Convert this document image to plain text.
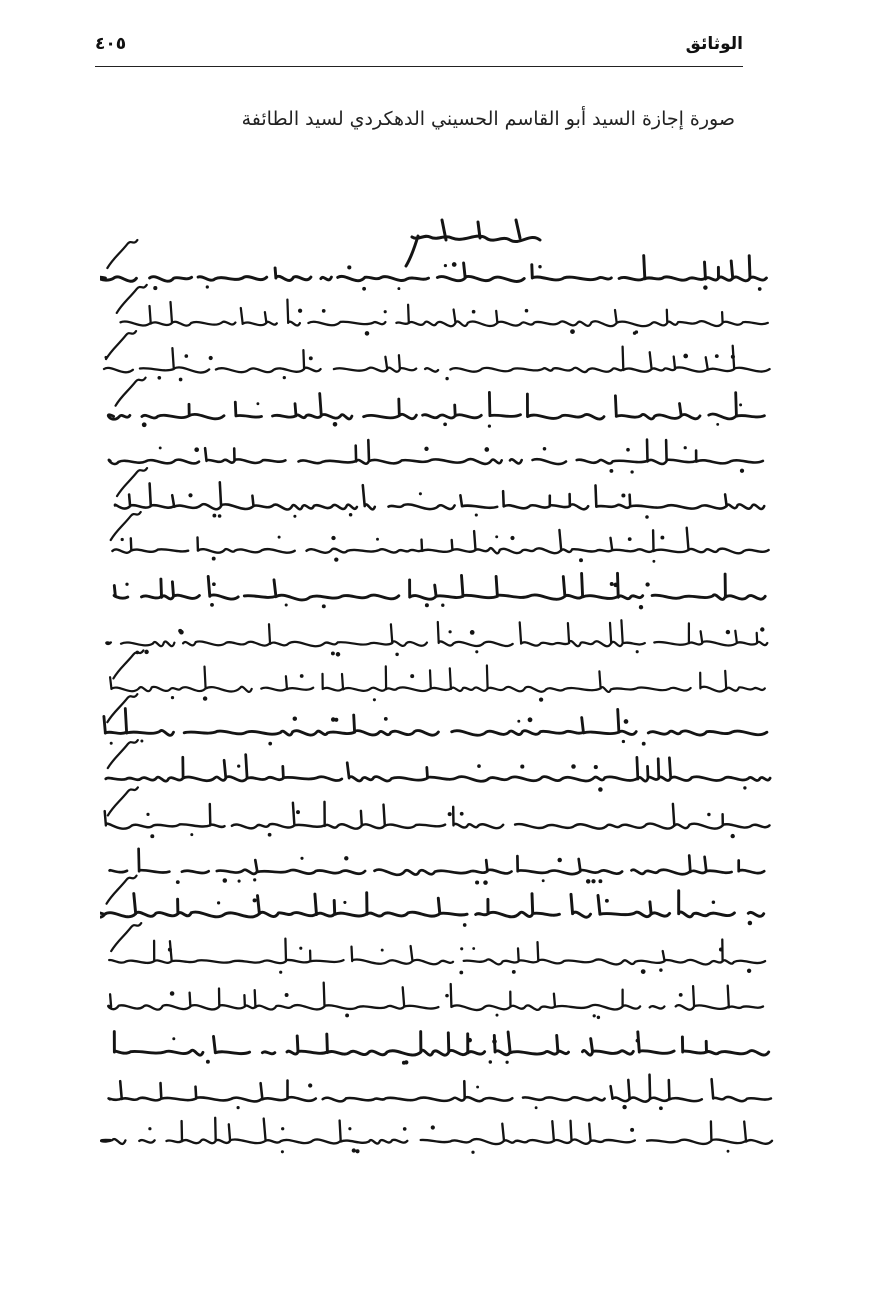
الوثائق
٤٠٥
صورة إجازة السيد أبو القاسم الحسيني الدهكردي لسيد الطائفة
